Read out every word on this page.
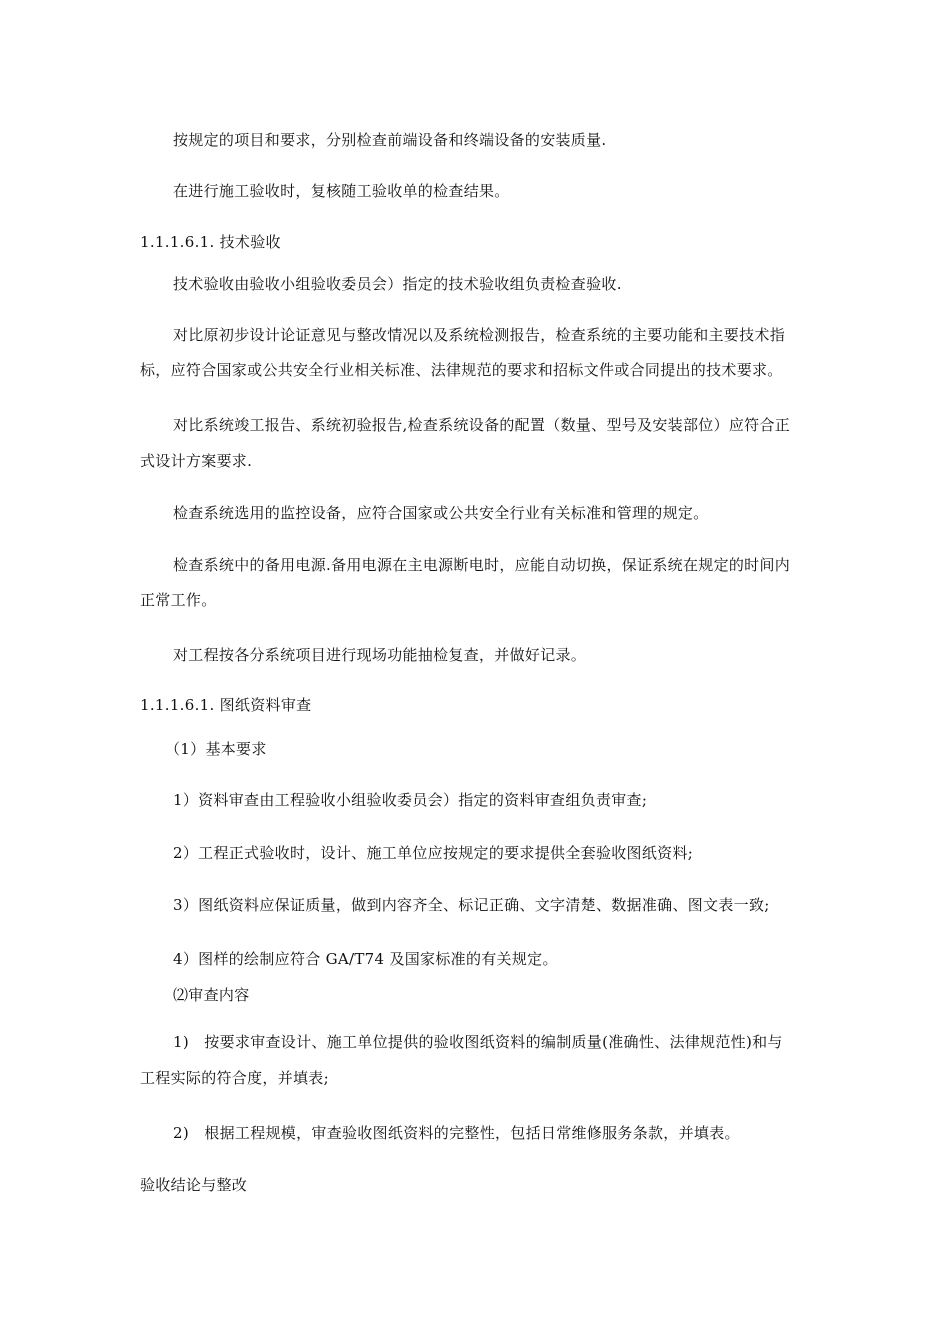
按规定的项目和要求，分别检查前端设备和终端设备的安装质量.
在进行施工验收时，复核随工验收单的检查结果。
1.1.1.6.1. 技术验收
技术验收由验收小组验收委员会）指定的技术验收组负责检查验收.
对比原初步设计论证意见与整改情况以及系统检测报告，检查系统的主要功能和主要技术指
标，应符合国家或公共安全行业相关标准、法律规范的要求和招标文件或合同提出的技术要求。
对比系统竣工报告、系统初验报告,检查系统设备的配置（数量、型号及安装部位）应符合正
式设计方案要求.
检查系统选用的监控设备，应符合国家或公共安全行业有关标准和管理的规定。
检查系统中的备用电源.备用电源在主电源断电时，应能自动切换，保证系统在规定的时间内
正常工作。
对工程按各分系统项目进行现场功能抽检复查，并做好记录。
1.1.1.6.1. 图纸资料审查
（1）基本要求
1）资料审查由工程验收小组验收委员会）指定的资料审查组负责审查;
2）工程正式验收时，设计、施工单位应按规定的要求提供全套验收图纸资料;
3）图纸资料应保证质量，做到内容齐全、标记正确、文字清楚、数据准确、图文表一致;
4）图样的绘制应符合 GA/T74 及国家标准的有关规定。
⑵审查内容
1)　按要求审查设计、施工单位提供的验收图纸资料的编制质量(准确性、法律规范性)和与
工程实际的符合度，并填表;
2)　根据工程规模，审查验收图纸资料的完整性，包括日常维修服务条款，并填表。
验收结论与整改
